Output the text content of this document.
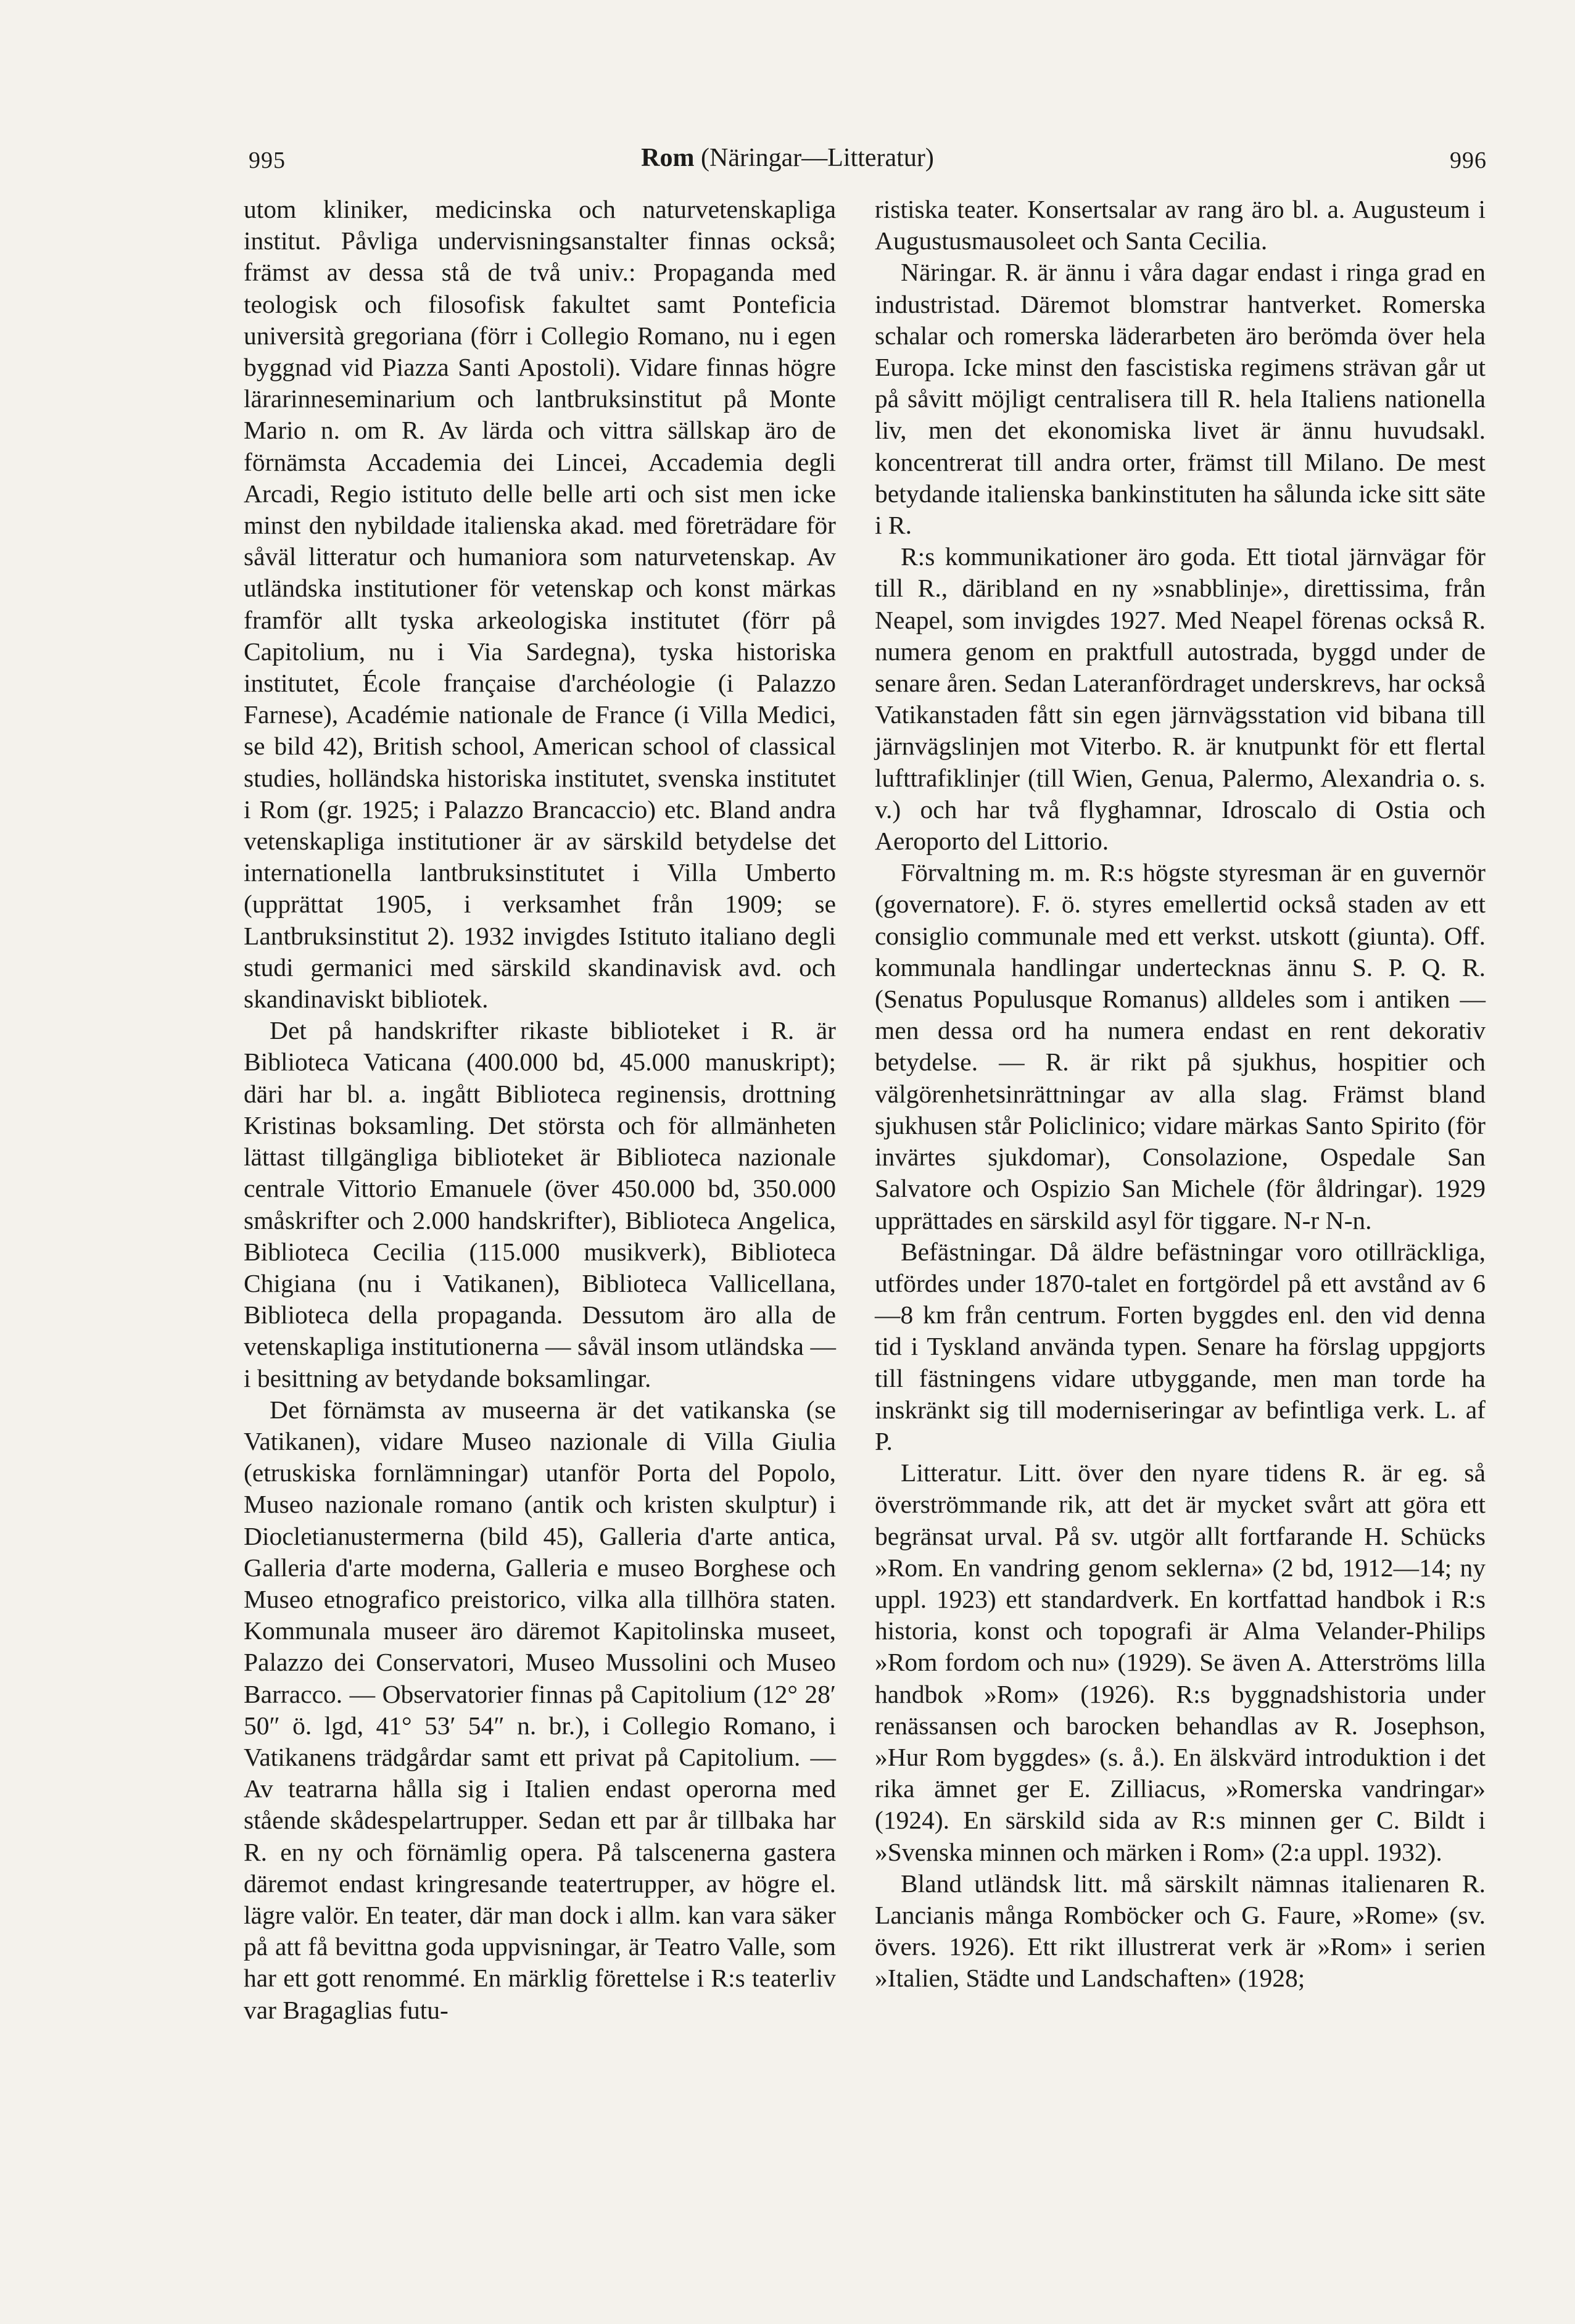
995	Rom (Näringar—Litteratur)	996

utom kliniker, medicinska och naturvetenskapliga institut. Påvliga undervisningsanstalter finnas också; främst av dessa stå de två univ.: Propaganda med teologisk och filosofisk fakultet samt Ponteficia università gregoriana (förr i Collegio Romano, nu i egen byggnad vid Piazza Santi Apostoli). Vidare finnas högre lärarinneseminarium och lantbruksinstitut på Monte Mario n. om R. Av lärda och vittra sällskap äro de förnämsta Accademia dei Lincei, Accademia degli Arcadi, Regio istituto delle belle arti och sist men icke minst den nybildade italienska akad. med företrädare för såväl litteratur och humaniora som naturvetenskap. Av utländska institutioner för vetenskap och konst märkas framför allt tyska arkeologiska institutet (förr på Capitolium, nu i Via Sardegna), tyska historiska institutet, École française d'archéologie (i Palazzo Farnese), Académie nationale de France (i Villa Medici, se bild 42), British school, American school of classical studies, holländska historiska institutet, svenska institutet i Rom (gr. 1925; i Palazzo Brancaccio) etc. Bland andra vetenskapliga institutioner är av särskild betydelse det internationella lantbruksinstitutet i Villa Umberto (upprättat 1905, i verksamhet från 1909; se Lantbruksinstitut 2). 1932 invigdes Istituto italiano degli studi germanici med särskild skandinavisk avd. och skandinaviskt bibliotek.

Det på handskrifter rikaste biblioteket i R. är Biblioteca Vaticana (400.000 bd, 45.000 manuskript); däri har bl. a. ingått Biblioteca reginensis, drottning Kristinas boksamling. Det största och för allmänheten lättast tillgängliga biblioteket är Biblioteca nazionale centrale Vittorio Emanuele (över 450.000 bd, 350.000 småskrifter och 2.000 handskrifter), Biblioteca Angelica, Biblioteca Cecilia (115.000 musikverk), Biblioteca Chigiana (nu i Vatikanen), Biblioteca Vallicellana, Biblioteca della propaganda. Dessutom äro alla de vetenskapliga institutionerna — såväl insom utländska — i besittning av betydande boksamlingar.

Det förnämsta av museerna är det vatikanska (se Vatikanen), vidare Museo nazionale di Villa Giulia (etruskiska fornlämningar) utanför Porta del Popolo, Museo nazionale romano (antik och kristen skulptur) i Diocletianustermerna (bild 45), Galleria d'arte antica, Galleria d'arte moderna, Galleria e museo Borghese och Museo etnografico preistorico, vilka alla tillhöra staten. Kommunala museer äro däremot Kapitolinska museet, Palazzo dei Conservatori, Museo Mussolini och Museo Barracco. — Observatorier finnas på Capitolium (12° 28′ 50″ ö. lgd, 41° 53′ 54″ n. br.), i Collegio Romano, i Vatikanens trädgårdar samt ett privat på Capitolium. — Av teatrarna hålla sig i Italien endast operorna med stående skådespelartrupper. Sedan ett par år tillbaka har R. en ny och förnämlig opera. På talscenerna gastera däremot endast kringresande teatertrupper, av högre el. lägre valör. En teater, där man dock i allm. kan vara säker på att få bevittna goda uppvisningar, är Teatro Valle, som har ett gott renommé. En märklig förettelse i R:s teaterliv var Bragaglias futu-

ristiska teater. Konsertsalar av rang äro bl. a. Augusteum i Augustusmausoleet och Santa Cecilia.

Näringar. R. är ännu i våra dagar endast i ringa grad en industristad. Däremot blomstrar hantverket. Romerska schalar och romerska läderarbeten äro berömda över hela Europa. Icke minst den fascistiska regimens strävan går ut på såvitt möjligt centralisera till R. hela Italiens nationella liv, men det ekonomiska livet är ännu huvudsakl. koncentrerat till andra orter, främst till Milano. De mest betydande italienska bankinstituten ha sålunda icke sitt säte i R.

R:s kommunikationer äro goda. Ett tiotal järnvägar för till R., däribland en ny »snabblinje», direttissima, från Neapel, som invigdes 1927. Med Neapel förenas också R. numera genom en praktfull autostrada, byggd under de senare åren. Sedan Lateranfördraget underskrevs, har också Vatikanstaden fått sin egen järnvägsstation vid bibana till järnvägslinjen mot Viterbo. R. är knutpunkt för ett flertal lufttrafiklinjer (till Wien, Genua, Palermo, Alexandria o. s. v.) och har två flyghamnar, Idroscalo di Ostia och Aeroporto del Littorio.

Förvaltning m. m. R:s högste styresman är en guvernör (governatore). F. ö. styres emellertid också staden av ett consiglio communale med ett verkst. utskott (giunta). Off. kommunala handlingar undertecknas ännu S. P. Q. R. (Senatus Populusque Romanus) alldeles som i antiken — men dessa ord ha numera endast en rent dekorativ betydelse. — R. är rikt på sjukhus, hospitier och välgörenhetsinrättningar av alla slag. Främst bland sjukhusen står Policlinico; vidare märkas Santo Spirito (för invärtes sjukdomar), Consolazione, Ospedale San Salvatore och Ospizio San Michele (för åldringar). 1929 upprättades en särskild asyl för tiggare. N-r N-n.

Befästningar. Då äldre befästningar voro otillräckliga, utfördes under 1870-talet en fortgördel på ett avstånd av 6—8 km från centrum. Forten byggdes enl. den vid denna tid i Tyskland använda typen. Senare ha förslag uppgjorts till fästningens vidare utbyggande, men man torde ha inskränkt sig till moderniseringar av befintliga verk. L. af P.

Litteratur. Litt. över den nyare tidens R. är eg. så överströmmande rik, att det är mycket svårt att göra ett begränsat urval. På sv. utgör allt fortfarande H. Schücks »Rom. En vandring genom seklerna» (2 bd, 1912—14; ny uppl. 1923) ett standardverk. En kortfattad handbok i R:s historia, konst och topografi är Alma Velander-Philips »Rom fordom och nu» (1929). Se även A. Atterströms lilla handbok »Rom» (1926). R:s byggnadshistoria under renässansen och barocken behandlas av R. Josephson, »Hur Rom byggdes» (s. å.). En älskvärd introduktion i det rika ämnet ger E. Zilliacus, »Romerska vandringar» (1924). En särskild sida av R:s minnen ger C. Bildt i »Svenska minnen och märken i Rom» (2:a uppl. 1932).

Bland utländsk litt. må särskilt nämnas italienaren R. Lancianis många Romböcker och G. Faure, »Rome» (sv. övers. 1926). Ett rikt illustrerat verk är »Rom» i serien »Italien, Städte und Landschaften» (1928;
